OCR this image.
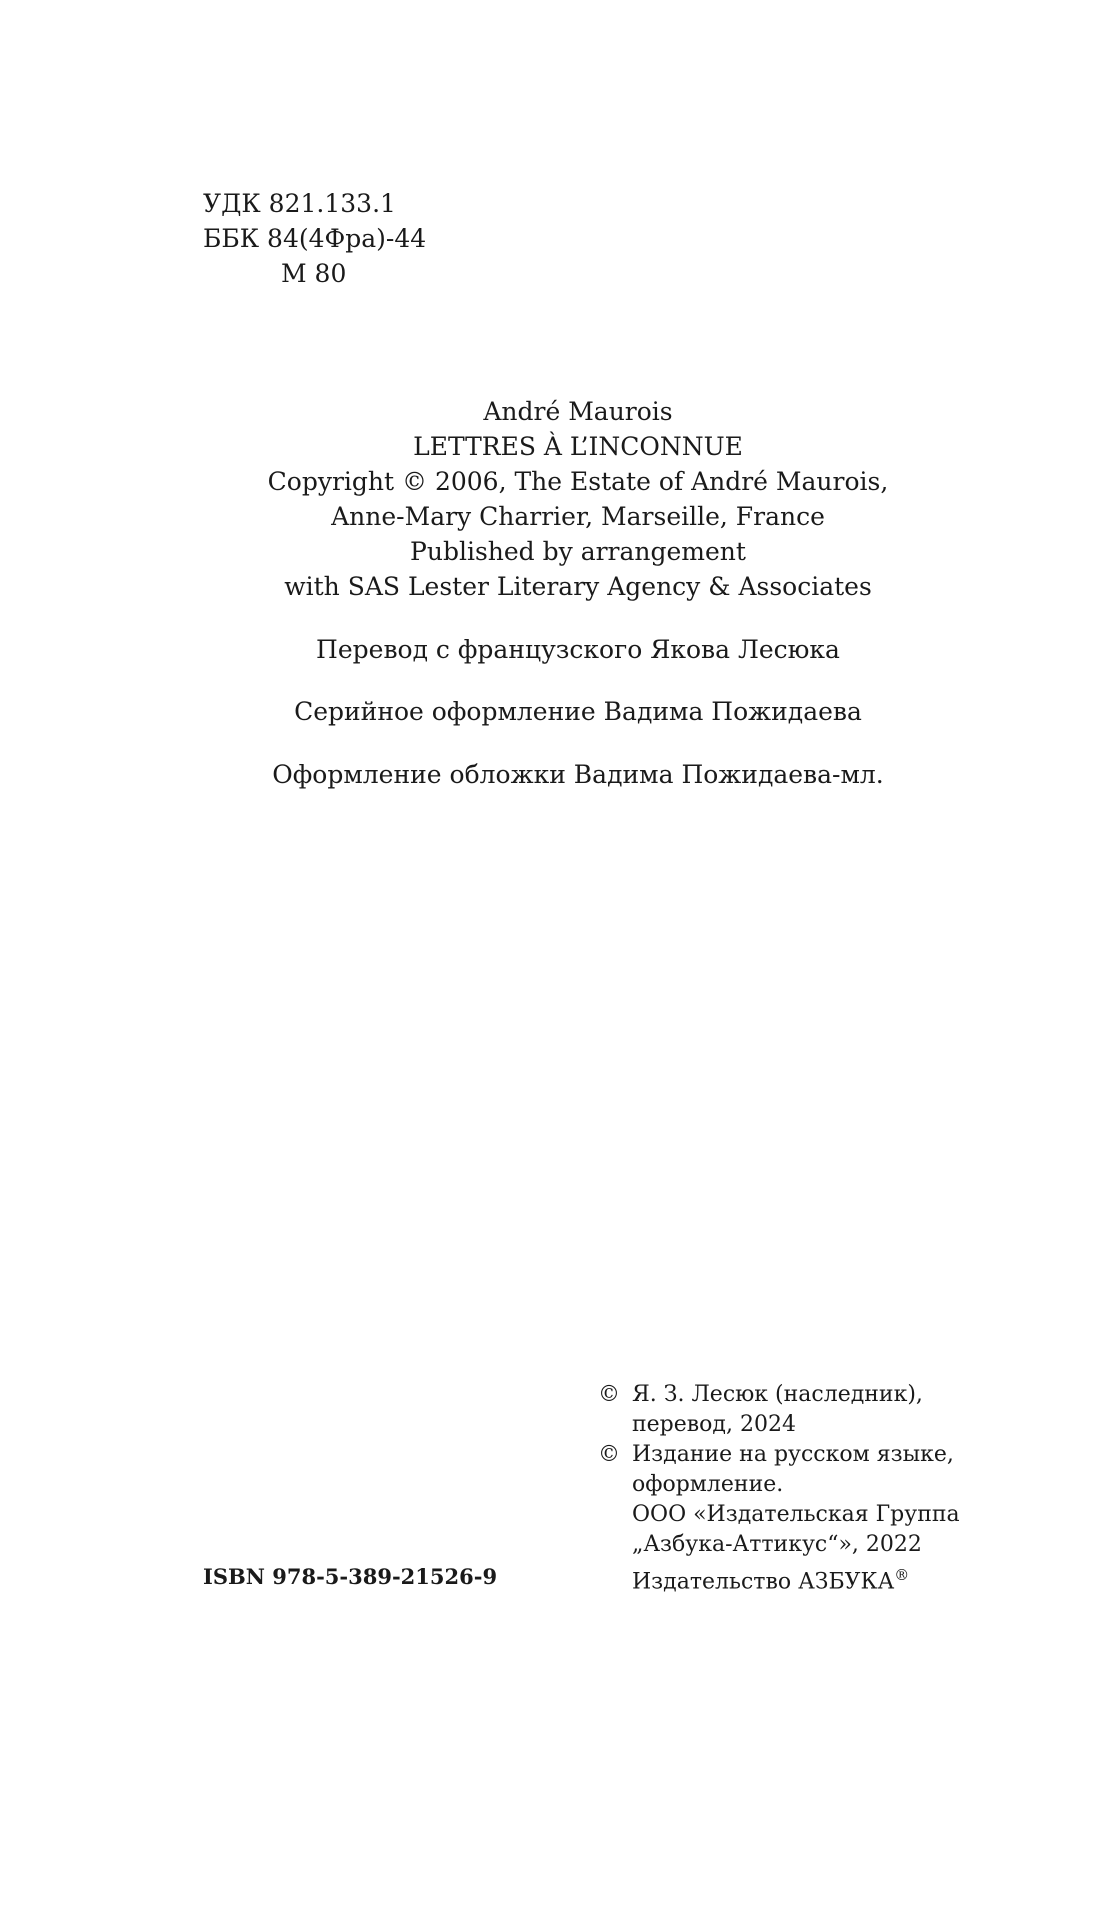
УДК 821.133.1
ББК 84(4Фра)-44
М 80
André Maurois
LETTRES À L’INCONNUE
Copyright © 2006, The Estate of André Maurois,
Anne-Mary Charrier, Marseille, France
Published by arrangement
with SAS Lester Literary Agency & Associates
Перевод с французского Якова Лесюка
Серийное оформление Вадима Пожидаева
Оформление обложки Вадима Пожидаева-мл.
© Я. З. Лесюк (наследник),
перевод, 2024
© Издание на русском языке,
оформление.
ООО «Издательская Группа
„Азбука-Аттикус“», 2022
Издательство АЗБУКА®
ISBN 978-5-389-21526-9
